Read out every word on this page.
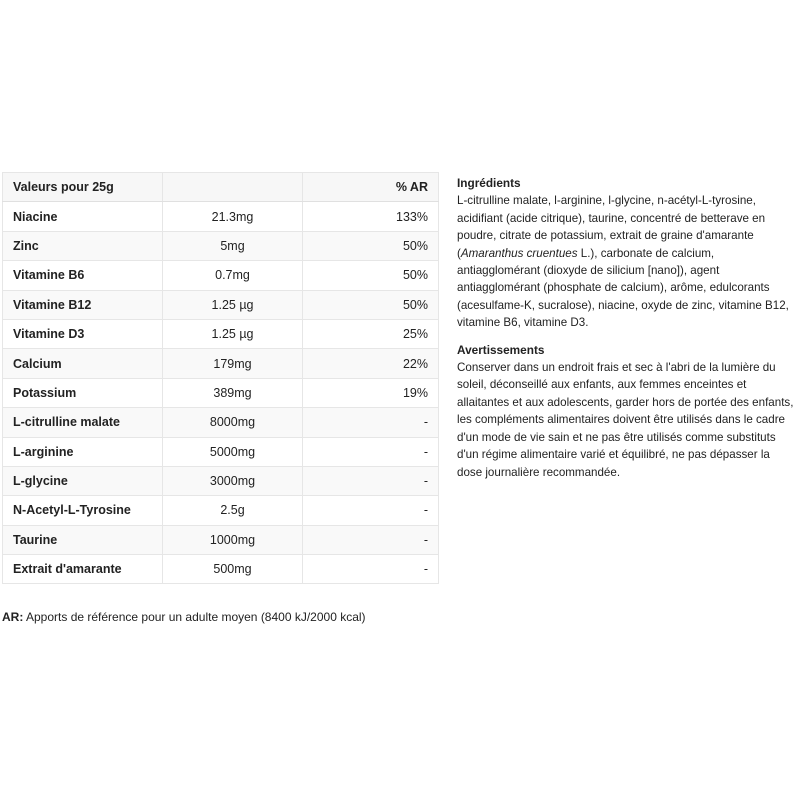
Valeurs pour 25g		% AR
Niacine	21.3mg	133%
Zinc	5mg	50%
Vitamine B6	0.7mg	50%
Vitamine B12	1.25 µg	50%
Vitamine D3	1.25 µg	25%
Calcium	179mg	22%
Potassium	389mg	19%
L-citrulline malate	8000mg	-
L-arginine	5000mg	-
L-glycine	3000mg	-
N-Acetyl-L-Tyrosine	2.5g	-
Taurine	1000mg	-
Extrait d'amarante	500mg	-
AR: Apports de référence pour un adulte moyen (8400 kJ/2000 kcal)
Ingrédients

L-citrulline malate, l-arginine, l-glycine, n-acétyl-L-tyrosine, acidifiant (acide citrique), taurine, concentré de betterave en poudre, citrate de potassium, extrait de graine d'amarante (Amaranthus cruentues L.), carbonate de calcium, antiagglomérant (dioxyde de silicium [nano]), agent antiagglomérant (phosphate de calcium), arôme, edulcorants (acesulfame-K, sucralose), niacine, oxyde de zinc, vitamine B12, vitamine B6, vitamine D3.

Avertissements

Conserver dans un endroit frais et sec à l'abri de la lumière du soleil, déconseillé aux enfants, aux femmes enceintes et allaitantes et aux adolescents, garder hors de portée des enfants, les compléments alimentaires doivent être utilisés dans le cadre d'un mode de vie sain et ne pas être utilisés comme substituts d'un régime alimentaire varié et équilibré, ne pas dépasser la dose journalière recommandée.
